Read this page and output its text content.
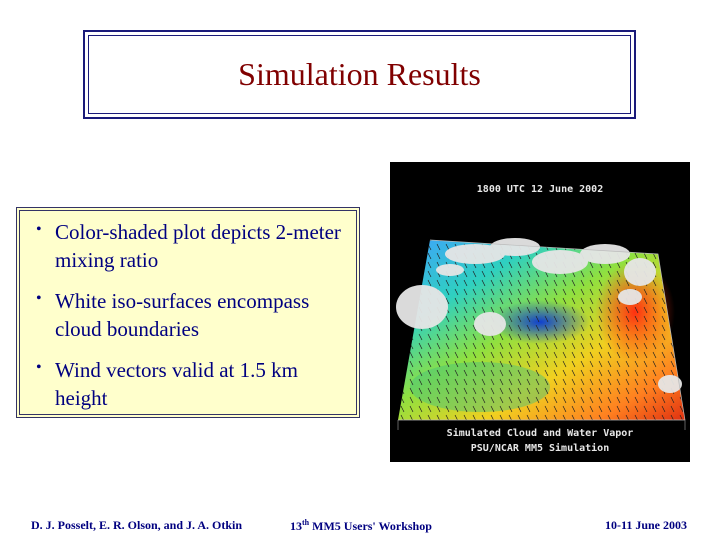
Simulation Results
• Color-shaded plot depicts 2-meter mixing ratio
• White iso-surfaces encompass cloud boundaries
• Wind vectors valid at 1.5 km height
1800 UTC 12 June 2002
Simulated Cloud and Water Vapor
PSU/NCAR MM5 Simulation
D. J. Posselt, E. R. Olson, and J. A. Otkin	13th MM5 Users' Workshop	10-11 June 2003
